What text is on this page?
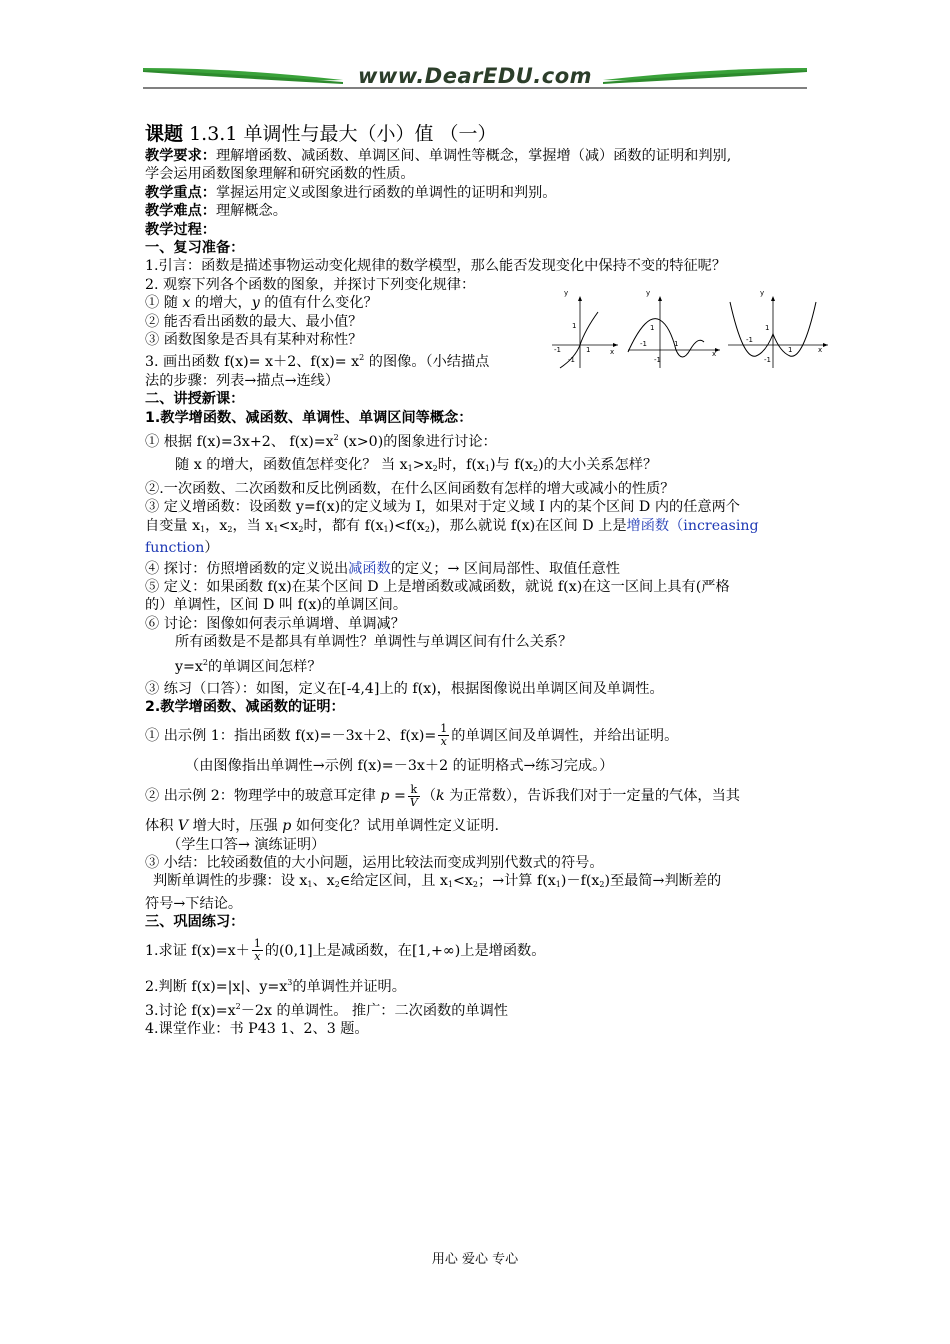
www.DearEDU.com
课题 1.3.1 单调性与最大（小）值 （一）
教学要求：理解增函数、减函数、单调区间、单调性等概念，掌握增（减）函数的证明和判别,
学会运用函数图象理解和研究函数的性质。
教学重点：掌握运用定义或图象进行函数的单调性的证明和判别。
教学难点：理解概念。
教学过程：
一、复习准备：
1.引言：函数是描述事物运动变化规律的数学模型，那么能否发现变化中保持不变的特征呢？
2. 观察下列各个函数的图象，并探讨下列变化规律：
① 随 x 的增大，y 的值有什么变化？
② 能否看出函数的最大、最小值？
③ 函数图象是否具有某种对称性？
3. 画出函数 f(x)= x＋2、$f(x)= x^2$ 的图像。（小结描点
法的步骤：列表→描点→连线）
二、讲授新课：
1.教学增函数、减函数、单调性、单调区间等概念：
① 根据 f(x)=3x+2、 $f(x)=x^2$ (x>0)的图象进行讨论：
随 x 的增大，函数值怎样变化？ 当 $x_1>x_2$时，$f(x_1)$与 $f(x_2)$的大小关系怎样？
②.一次函数、二次函数和反比例函数，在什么区间函数有怎样的增大或减小的性质？
③ 定义增函数：设函数 y=f(x)的定义域为 I，如果对于定义域 I 内的某个区间 D 内的任意两个
自变量 $x_1$，$x_2$，当 $x_1<x_2$时，都有 $f(x_1)<f(x_2)$，那么就说 f(x)在区间 D 上是增函数（increasing
function）
④ 探讨：仿照增函数的定义说出减函数的定义；→ 区间局部性、取值任意性
⑤ 定义：如果函数 f(x)在某个区间 D 上是增函数或减函数，就说 f(x)在这一区间上具有(严格
的）单调性，区间 D 叫 f(x)的单调区间。
⑥ 讨论：图像如何表示单调增、单调减？
所有函数是不是都具有单调性？单调性与单调区间有什么关系？
$y=x^2$的单调区间怎样？
③ 练习（口答）：如图，定义在[-4,4]上的 f(x)，根据图像说出单调区间及单调性。
2.教学增函数、减函数的证明：
① 出示例 1：指出函数 f(x)=－3x＋2、$f(x)= \frac{1}{x}$ 的单调区间及单调性，并给出证明。
（由图像指出单调性→示例 f(x)=－3x＋2 的证明格式→练习完成。）
② 出示例 2：物理学中的玻意耳定律 $p = \frac{k}{V} (k$ 为正常数），告诉我们对于一定量的气体，当其
体积 V 增大时，压强 p 如何变化？试用单调性定义证明.
（学生口答→ 演练证明）
③ 小结：比较函数值的大小问题，运用比较法而变成判别代数式的符号。
判断单调性的步骤：设 $x_1$、$x_2\in$给定区间，且 $x_1<x_2$；→计算 $f(x_1)-f(x_2)$至最简→判断差的
符号→下结论。
三、巩固练习：
1.求证 $f(x)=x+ \frac{1}{x}$ 的(0,1]上是减函数，在[1,+∞)上是增函数。
2.判断 f(x)=|x|、$y=x^3$的单调性并证明。
3.讨论 $f(x)=x^2-2x$ 的单调性。 推广：二次函数的单调性
4.课堂作业：书 P43 1、2、3 题。
y
x
1
1
-1
-1
y
x
1
1
-1
-1
y
x
1
1
-1
-1
用心 爱心 专心
